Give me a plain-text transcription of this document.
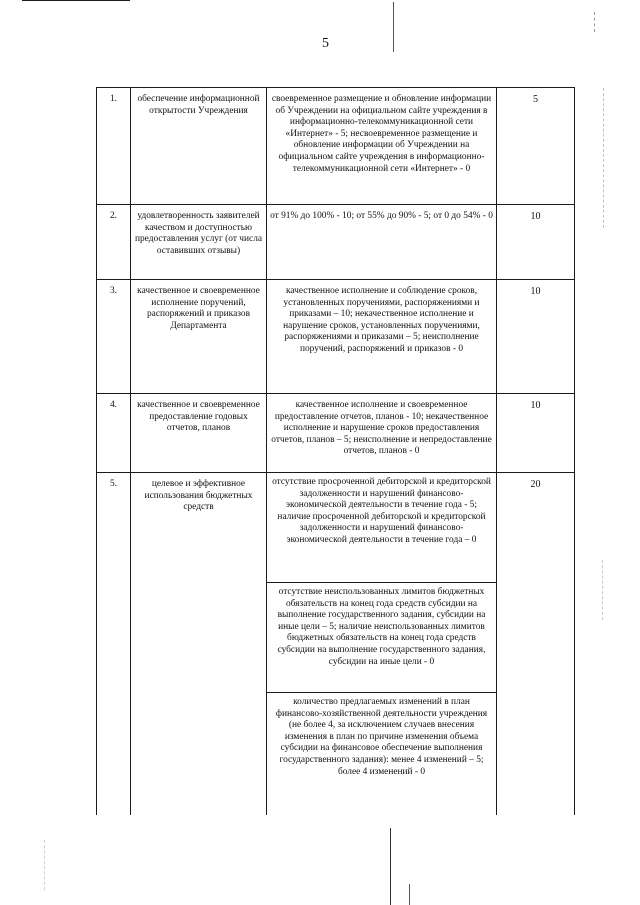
5
1.	обеспечение информационной открытости Учреждения	своевременное размещение и обновление информации об Учреждении на официальном сайте учреждения в информационно-телекоммуникационной сети «Интернет» - 5; несвоевременное размещение и обновление информации об Учреждении на официальном сайте учреждения в информационно-телекоммуникационной сети «Интернет» - 0	5
2.	удовлетворенность заявителей качеством и доступностью предоставления услуг (от числа оставивших отзывы)	от 91% до 100% - 10; от 55% до 90% - 5; от 0 до 54% - 0	10
3.	качественное и своевременное исполнение поручений, распоряжений и приказов Департамента	качественное исполнение и соблюдение сроков, установленных поручениями, распоряжениями и приказами – 10; некачественное исполнение и нарушение сроков, установленных поручениями, распоряжениями и приказами – 5; неисполнение поручений, распоряжений и приказов - 0	10
4.	качественное и своевременное предоставление годовых отчетов, планов	качественное исполнение и своевременное предоставление отчетов, планов - 10; некачественное исполнение и нарушение сроков предоставления отчетов, планов – 5; неисполнение и непредоставление отчетов, планов - 0	10
5.	целевое и эффективное использования бюджетных средств	отсутствие просроченной дебиторской и кредиторской задолженности и нарушений финансово-экономической деятельности в течение года - 5; наличие просроченной дебиторской и кредиторской задолженности и нарушений финансово-экономической деятельности в течение года – 0	20
		отсутствие неиспользованных лимитов бюджетных обязательств на конец года средств субсидии на выполнение государственного задания, субсидии на иные цели – 5; наличие неиспользованных лимитов бюджетных обязательств на конец года средств субсидии на выполнение государственного задания, субсидии на иные цели - 0	
		количество предлагаемых изменений в план финансово-хозяйственной деятельности учреждения (не более 4, за исключением случаев внесения изменения в план по причине изменения объема субсидии на финансовое обеспечение выполнения государственного задания): менее 4 изменений – 5; более 4 изменений - 0	
